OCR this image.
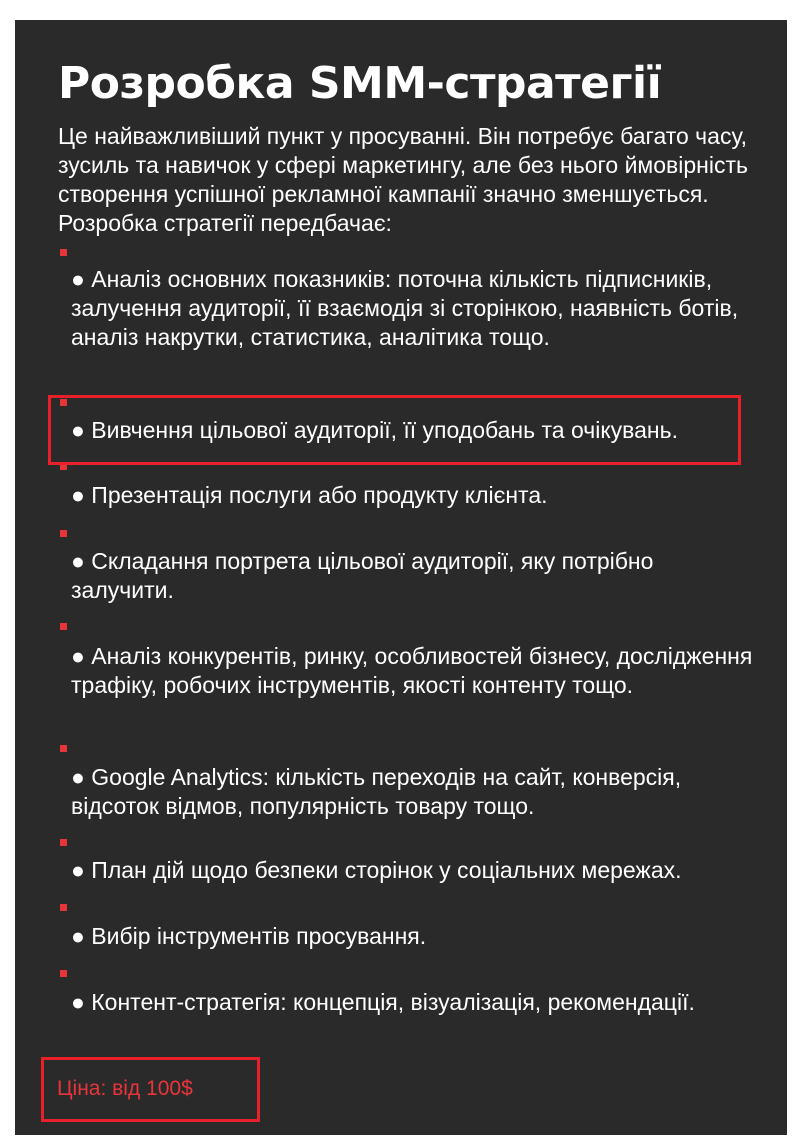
Розробка SMM-стратегії

Це найважливіший пункт у просуванні. Він потребує багато часу, зусиль та навичок у сфері маркетингу, але без нього ймовірність створення успішної рекламної кампанії значно зменшується. Розробка стратегії передбачає:

● Аналіз основних показників: поточна кількість підписників, залучення аудиторії, її взаємодія зі сторінкою, наявність ботів, аналіз накрутки, статистика, аналітика тощо.
● Вивчення цільової аудиторії, її уподобань та очікувань.
● Презентація послуги або продукту клієнта.
● Складання портрета цільової аудиторії, яку потрібно залучити.
● Аналіз конкурентів, ринку, особливостей бізнесу, дослідження трафіку, робочих інструментів, якості контенту тощо.
● Google Analytics: кількість переходів на сайт, конверсія, відсоток відмов, популярність товару тощо.
● План дій щодо безпеки сторінок у соціальних мережах.
● Вибір інструментів просування.
● Контент-стратегія: концепція, візуалізація, рекомендації.
Ціна: від 100$
